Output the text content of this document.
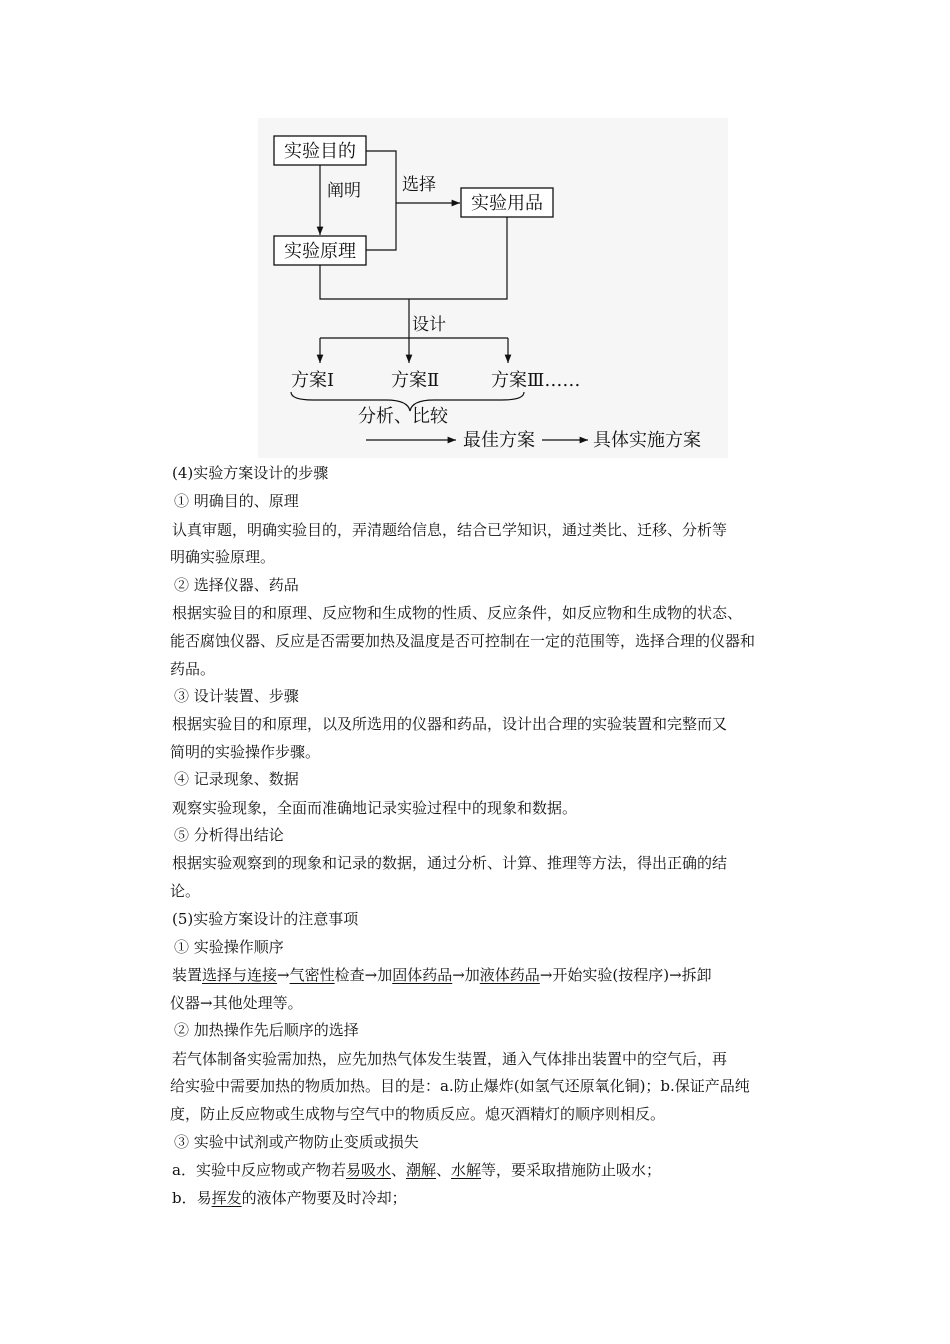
实验目的
实验原理
实验用品
阐明 选择
设计
方案Ⅰ	方案Ⅱ	方案Ⅲ……
分析、比较
最佳方案	具体实施方案
(4)实验方案设计的步骤
① 明确目的、原理
认真审题，明确实验目的，弄清题给信息，结合已学知识，通过类比、迁移、分析等
明确实验原理。
② 选择仪器、药品
根据实验目的和原理、反应物和生成物的性质、反应条件，如反应物和生成物的状态、
能否腐蚀仪器、反应是否需要加热及温度是否可控制在一定的范围等，选择合理的仪器和
药品。
③ 设计装置、步骤
根据实验目的和原理，以及所选用的仪器和药品，设计出合理的实验装置和完整而又
简明的实验操作步骤。
④ 记录现象、数据
观察实验现象，全面而准确地记录实验过程中的现象和数据。
⑤ 分析得出结论
根据实验观察到的现象和记录的数据，通过分析、计算、推理等方法，得出正确的结
论。
(5)实验方案设计的注意事项
① 实验操作顺序
装置选择与连接→气密性检查→加固体药品→加液体药品→开始实验(按程序)→拆卸
仪器→其他处理等。
② 加热操作先后顺序的选择
若气体制备实验需加热，应先加热气体发生装置，通入气体排出装置中的空气后，再
给实验中需要加热的物质加热。目的是：a.防止爆炸(如氢气还原氧化铜)；b.保证产品纯
度，防止反应物或生成物与空气中的物质反应。熄灭酒精灯的顺序则相反。
③ 实验中试剂或产物防止变质或损失
a．实验中反应物或产物若易吸水、潮解、水解等，要采取措施防止吸水；
b．易挥发的液体产物要及时冷却；
